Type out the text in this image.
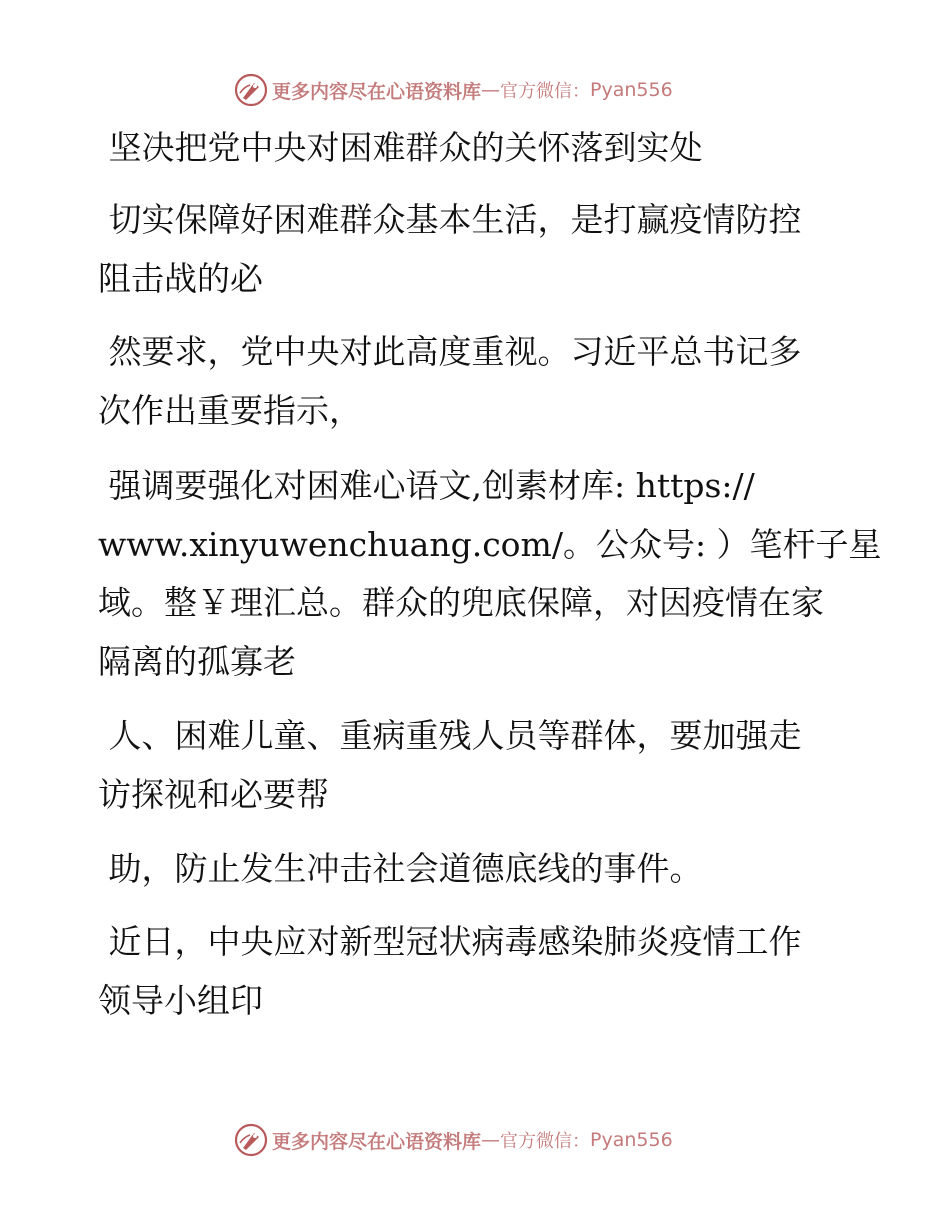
更多内容尽在心语资料库 — 官方微信： Pyan556
坚决把党中央对困难群众的关怀落到实处
切实保障好困难群众基本生活，是打赢疫情防控
阻击战的必
然要求，党中央对此高度重视。习近平总书记多
次作出重要指示，
强调要强化对困难心语文,创素材库: https://
www.xinyuwenchuang.com/。公众号: ）笔杆子星
域。整￥理汇总。群众的兜底保障，对因疫情在家
隔离的孤寡老
人、困难儿童、重病重残人员等群体，要加强走
访探视和必要帮
助，防止发生冲击社会道德底线的事件。
近日，中央应对新型冠状病毒感染肺炎疫情工作
领导小组印
更多内容尽在心语资料库 — 官方微信： Pyan556
